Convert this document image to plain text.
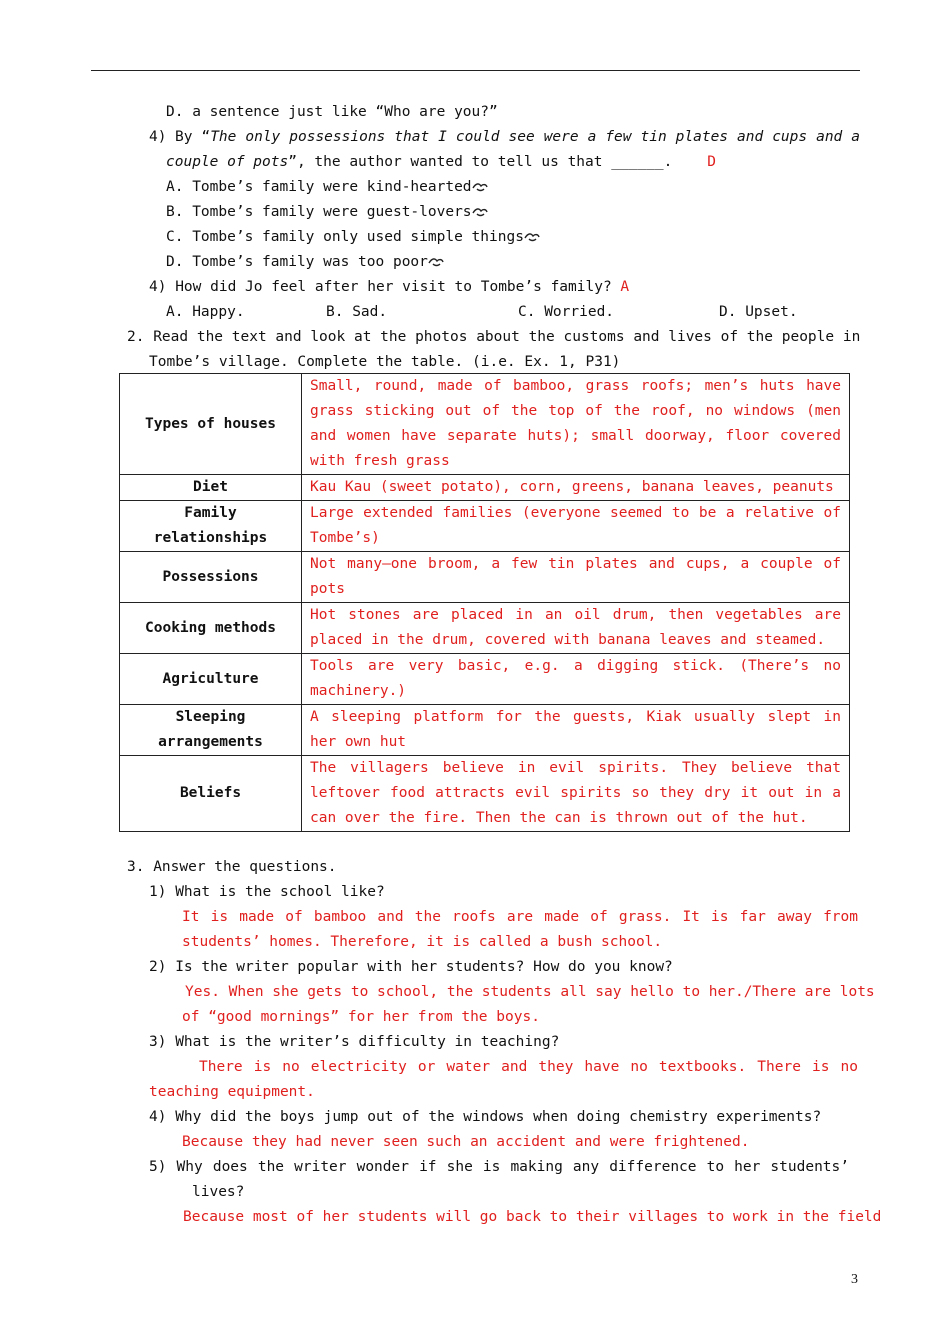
D. a sentence just like “Who are you?”
4) By “The only possessions that I could see were a few tin plates and cups and a
couple of pots”, the author wanted to tell us that ______. D
A. Tombe’s family were kind-hearted
B. Tombe’s family were guest-lovers
C. Tombe’s family only used simple things
D. Tombe’s family was too poor
4) How did Jo feel after her visit to Tombe’s family? A
A. Happy.	B. Sad.	C. Worried.	D. Upset.
2. Read the text and look at the photos about the customs and lives of the people in
Tombe’s village. Complete the table. (i.e. Ex. 1, P31)
Types of houses	Small, round, made of bamboo, grass roofs; men’s huts have grass sticking out of the top of the roof, no windows (men and women have separate huts); small doorway, floor covered with fresh grass
Diet	Kau Kau (sweet potato), corn, greens, banana leaves, peanuts
Family relationships	Large extended families (everyone seemed to be a relative of Tombe’s)
Possessions	Not many—one broom, a few tin plates and cups, a couple of pots
Cooking methods	Hot stones are placed in an oil drum, then vegetables are placed in the drum, covered with banana leaves and steamed.
Agriculture	Tools are very basic, e.g. a digging stick. (There’s no machinery.)
Sleeping arrangements	A sleeping platform for the guests, Kiak usually slept in her own hut
Beliefs	The villagers believe in evil spirits. They believe that leftover food attracts evil spirits so they dry it out in a can over the fire. Then the can is thrown out of the hut.
3. Answer the questions.
1) What is the school like?
It is made of bamboo and the roofs are made of grass. It is far away from
students’ homes. Therefore, it is called a bush school.
2) Is the writer popular with her students? How do you know?
Yes. When she gets to school, the students all say hello to her./There are lots
of “good mornings” for her from the boys.
3) What is the writer’s difficulty in teaching?
There is no electricity or water and they have no textbooks. There is no
teaching equipment.
4) Why did the boys jump out of the windows when doing chemistry experiments?
Because they had never seen such an accident and were frightened.
5) Why does the writer wonder if she is making any difference to her students’
lives?
Because most of her students will go back to their villages to work in the field
3
